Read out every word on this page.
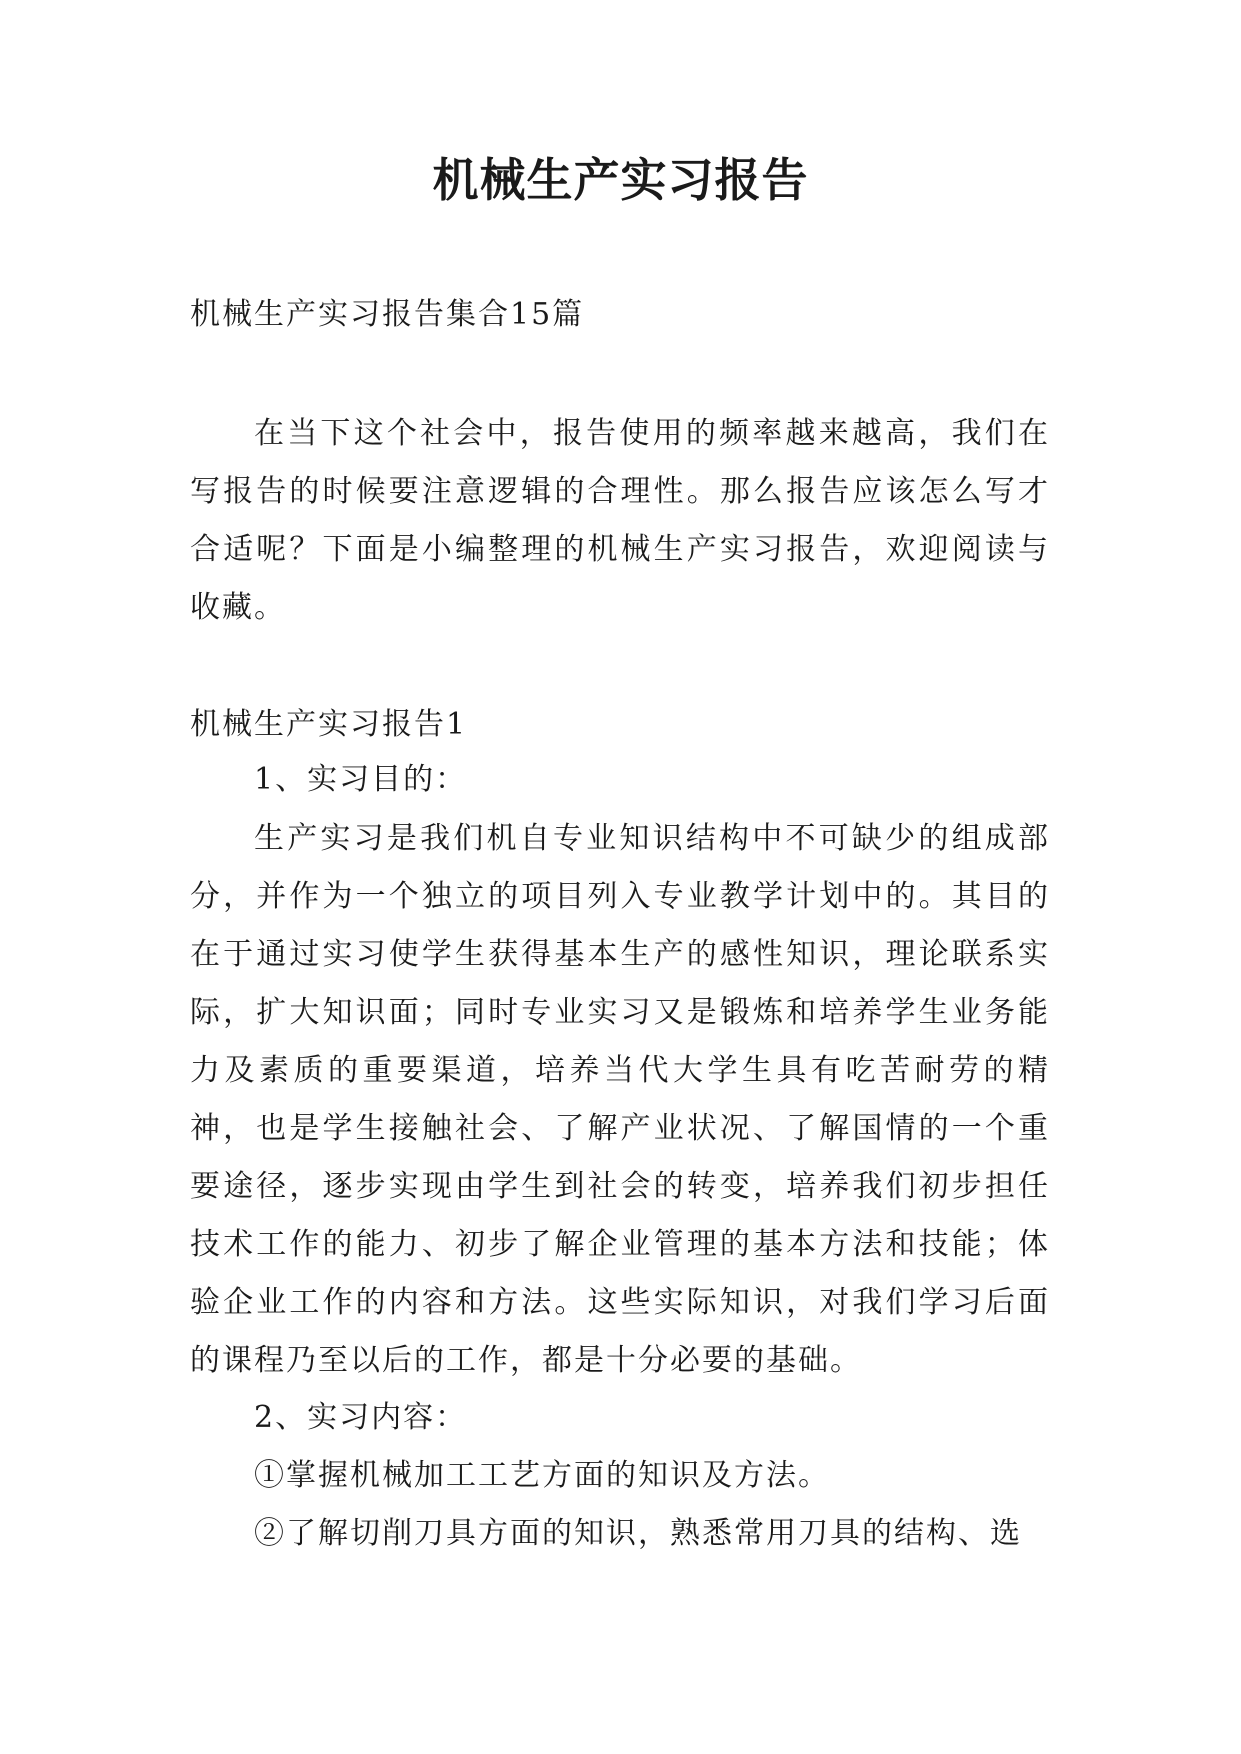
机械生产实习报告
机械生产实习报告集合15篇
在当下这个社会中，报告使用的频率越来越高，我们在写报告的时候要注意逻辑的合理性。那么报告应该怎么写才合适呢？下面是小编整理的机械生产实习报告，欢迎阅读与收藏。
机械生产实习报告1
1、实习目的：
生产实习是我们机自专业知识结构中不可缺少的组成部分，并作为一个独立的项目列入专业教学计划中的。其目的在于通过实习使学生获得基本生产的感性知识，理论联系实际，扩大知识面；同时专业实习又是锻炼和培养学生业务能力及素质的重要渠道，培养当代大学生具有吃苦耐劳的精神，也是学生接触社会、了解产业状况、了解国情的一个重要途径，逐步实现由学生到社会的转变，培养我们初步担任技术工作的能力、初步了解企业管理的基本方法和技能；体验企业工作的内容和方法。这些实际知识，对我们学习后面的课程乃至以后的工作，都是十分必要的基础。
2、实习内容：
①掌握机械加工工艺方面的知识及方法。
②了解切削刀具方面的知识，熟悉常用刀具的结构、选
